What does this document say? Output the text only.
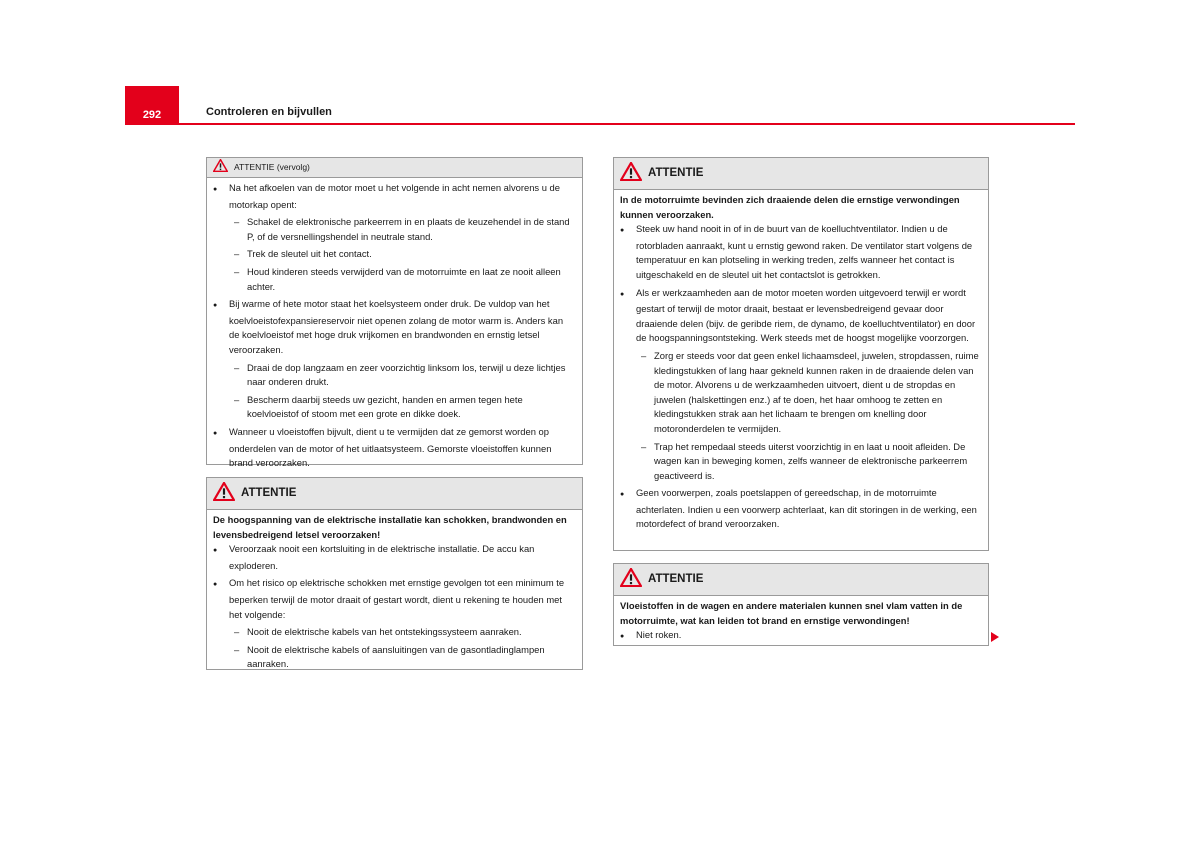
292	Controleren en bijvullen
ATTENTIE (vervolg)

● Na het afkoelen van de motor moet u het volgende in acht nemen alvorens u de motorkap opent:

– Schakel de elektronische parkeerrem in en plaats de keuzehendel in de stand P, of de versnellingshendel in neutrale stand.

– Trek de sleutel uit het contact.

– Houd kinderen steeds verwijderd van de motorruimte en laat ze nooit alleen achter.

● Bij warme of hete motor staat het koelsysteem onder druk. De vuldop van het koelvloeistofexpansiereservoir niet openen zolang de motor warm is. Anders kan de koelvloeistof met hoge druk vrijkomen en brandwonden en ernstig letsel veroorzaken.

– Draai de dop langzaam en zeer voorzichtig linksom los, terwijl u deze lichtjes naar onderen drukt.

– Bescherm daarbij steeds uw gezicht, handen en armen tegen hete koelvloeistof of stoom met een grote en dikke doek.

● Wanneer u vloeistoffen bijvult, dient u te vermijden dat ze gemorst worden op onderdelen van de motor of het uitlaatsysteem. Gemorste vloeistoffen kunnen brand veroorzaken.

ATTENTIE

De hoogspanning van de elektrische installatie kan schokken, brandwonden en levensbedreigend letsel veroorzaken!

● Veroorzaak nooit een kortsluiting in de elektrische installatie. De accu kan exploderen.

● Om het risico op elektrische schokken met ernstige gevolgen tot een minimum te beperken terwijl de motor draait of gestart wordt, dient u rekening te houden met het volgende:

– Nooit de elektrische kabels van het ontstekingssysteem aanraken.

– Nooit de elektrische kabels of aansluitingen van de gasontladinglampen aanraken.

ATTENTIE

In de motorruimte bevinden zich draaiende delen die ernstige verwondingen kunnen veroorzaken.

● Steek uw hand nooit in of in de buurt van de koelluchtventilator. Indien u de rotorbladen aanraakt, kunt u ernstig gewond raken. De ventilator start volgens de temperatuur en kan plotseling in werking treden, zelfs wanneer het contact is uitgeschakeld en de sleutel uit het contactslot is getrokken.

● Als er werkzaamheden aan de motor moeten worden uitgevoerd terwijl er wordt gestart of terwijl de motor draait, bestaat er levensbedreigend gevaar door draaiende delen (bijv. de geribde riem, de dynamo, de koelluchtventilator) en door de hoogspanningsontsteking. Werk steeds met de hoogst mogelijke voorzorgen.

– Zorg er steeds voor dat geen enkel lichaamsdeel, juwelen, stropdassen, ruime kledingstukken of lang haar gekneld kunnen raken in de draaiende delen van de motor. Alvorens u de werkzaamheden uitvoert, dient u de stropdas en juwelen (halskettingen enz.) af te doen, het haar omhoog te zetten en kledingstukken strak aan het lichaam te brengen om knelling door motoronderdelen te vermijden.

– Trap het rempedaal steeds uiterst voorzichtig in en laat u nooit afleiden. De wagen kan in beweging komen, zelfs wanneer de elektronische parkeerrem geactiveerd is.

● Geen voorwerpen, zoals poetslappen of gereedschap, in de motorruimte achterlaten. Indien u een voorwerp achterlaat, kan dit storingen in de werking, een motordefect of brand veroorzaken.

ATTENTIE

Vloeistoffen in de wagen en andere materialen kunnen snel vlam vatten in de motorruimte, wat kan leiden tot brand en ernstige verwondingen!

● Niet roken.
